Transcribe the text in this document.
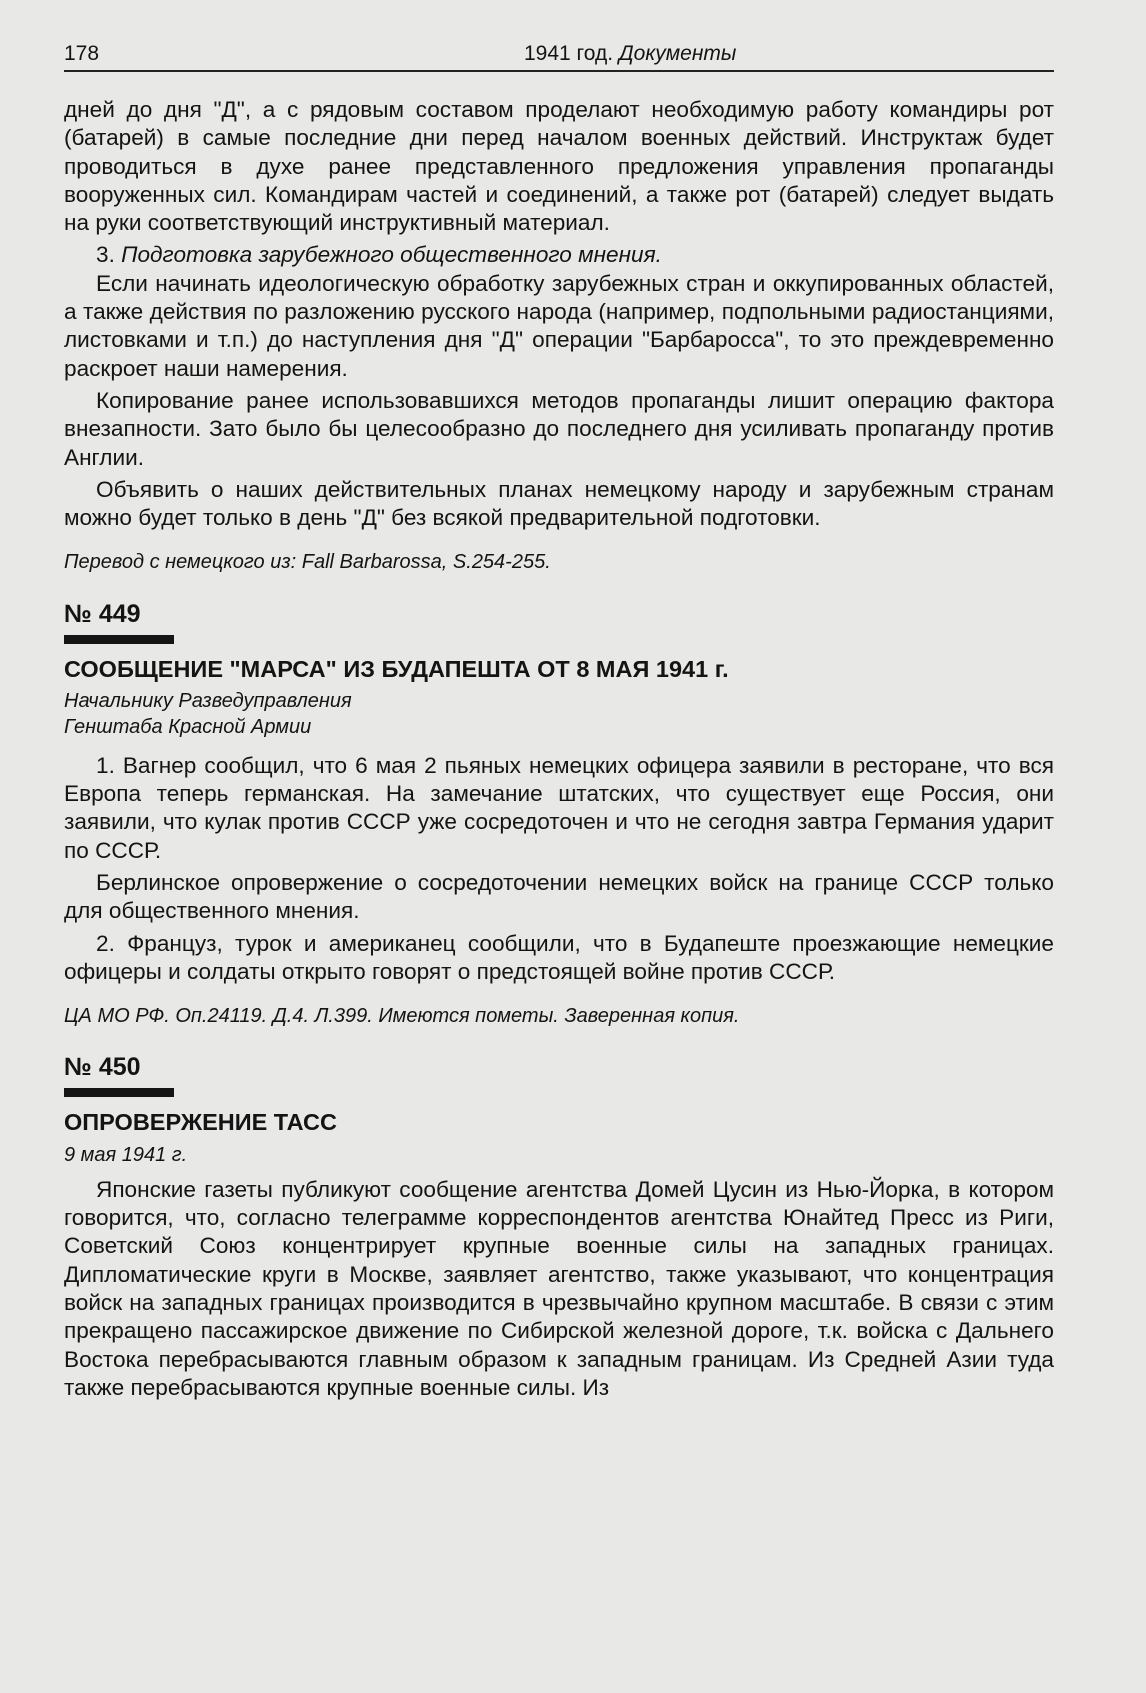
178	1941 год. Документы

дней до дня "Д", а с рядовым составом проделают необходимую работу командиры рот (батарей) в самые последние дни перед началом военных действий. Инструктаж будет проводиться в духе ранее представленного предложения управления пропаганды вооруженных сил. Командирам частей и соединений, а также рот (батарей) следует выдать на руки соответствующий инструктивный материал.

3. Подготовка зарубежного общественного мнения.

Если начинать идеологическую обработку зарубежных стран и оккупированных областей, а также действия по разложению русского народа (например, подпольными радиостанциями, листовками и т.п.) до наступления дня "Д" операции "Барбаросса", то это преждевременно раскроет наши намерения.

Копирование ранее использовавшихся методов пропаганды лишит операцию фактора внезапности. Зато было бы целесообразно до последнего дня усиливать пропаганду против Англии.

Объявить о наших действительных планах немецкому народу и зарубежным странам можно будет только в день "Д" без всякой предварительной подготовки.

Перевод с немецкого из: Fall Barbarossa, S.254-255.

№ 449
СООБЩЕНИЕ "МАРСА" ИЗ БУДАПЕШТА ОТ 8 МАЯ 1941 г.
Начальнику Разведуправления
Генштаба Красной Армии

1. Вагнер сообщил, что 6 мая 2 пьяных немецких офицера заявили в ресторане, что вся Европа теперь германская. На замечание штатских, что существует еще Россия, они заявили, что кулак против СССР уже сосредоточен и что не сегодня завтра Германия ударит по СССР.

Берлинское опровержение о сосредоточении немецких войск на границе СССР только для общественного мнения.

2. Француз, турок и американец сообщили, что в Будапеште проезжающие немецкие офицеры и солдаты открыто говорят о предстоящей войне против СССР.

ЦА МО РФ. Оп.24119. Д.4. Л.399. Имеются пометы. Заверенная копия.

№ 450
ОПРОВЕРЖЕНИЕ ТАСС
9 мая 1941 г.

Японские газеты публикуют сообщение агентства Домей Цусин из Нью-Йорка, в котором говорится, что, согласно телеграмме корреспондентов агентства Юнайтед Пресс из Риги, Советский Союз концентрирует крупные военные силы на западных границах. Дипломатические круги в Москве, заявляет агентство, также указывают, что концентрация войск на западных границах производится в чрезвычайно крупном масштабе. В связи с этим прекращено пассажирское движение по Сибирской железной дороге, т.к. войска с Дальнего Востока перебрасываются главным образом к западным границам. Из Средней Азии туда также перебрасываются крупные военные силы. Из
